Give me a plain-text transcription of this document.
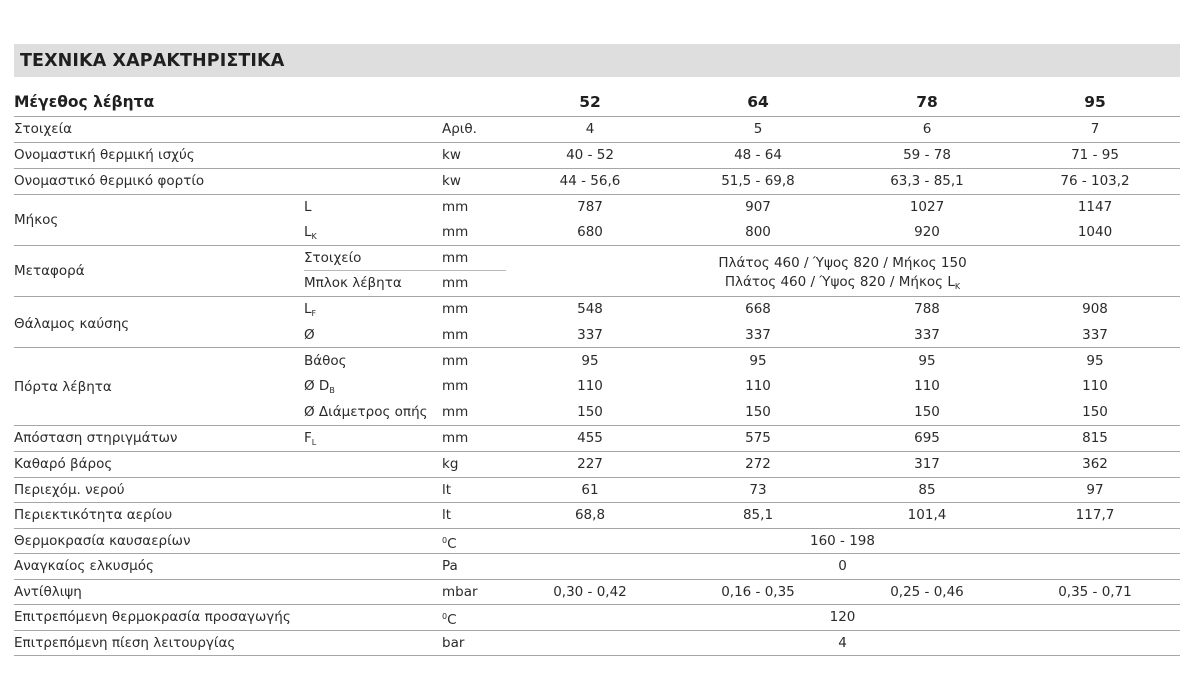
ΤΕΧΝΙΚΑ ΧΑΡΑΚΤΗΡΙΣΤΙΚΑ
Μέγεθος λέβητα	52	64	78	95
Στοιχεία	Αριθ.	4	5	6	7
Ονομαστική θερμική ισχύς	kw	40 - 52	48 - 64	59 - 78	71 - 95
Ονομαστικό θερμικό φορτίο	kw	44 - 56,6	51,5 - 69,8	63,3 - 85,1	76 - 103,2
Μήκος
L	mm	787	907	1027	1147
$L_K$	mm	680	800	920	1040
Μεταφορά
Στοιχείο	mm	Πλάτος 460 / Ύψος 820 / Μήκος 150
Μπλοκ λέβητα	mm	Πλάτος 460 / Ύψος 820 / Μήκος $L_K$
Θάλαμος καύσης
$L_F$	mm	548	668	788	908
Ø	mm	337	337	337	337
Πόρτα λέβητα
Βάθος	mm	95	95	95	95
Ø $D_B$	mm	110	110	110	110
Ø Διάμετρος οπής mm	150	150	150	150
Απόσταση στηριγμάτων	$F_L$	mm	455	575	695	815
Καθαρό βάρος	kg	227	272	317	362
Περιεχόμ. νερού	lt	61	73	85	97
Περιεκτικότητα αερίου	lt	68,8	85,1	101,4	117,7
Θερμοκρασία καυσαερίων	$^0$C	160 - 198
Αναγκαίος ελκυσμός	Pa	0
Αντίθλιψη	mbar	0,30 - 0,42	0,16 - 0,35	0,25 - 0,46	0,35 - 0,71
Επιτρεπόμενη θερμοκρασία προσαγωγής	$^0$C	120
Επιτρεπόμενη πίεση λειτουργίας	bar	4
